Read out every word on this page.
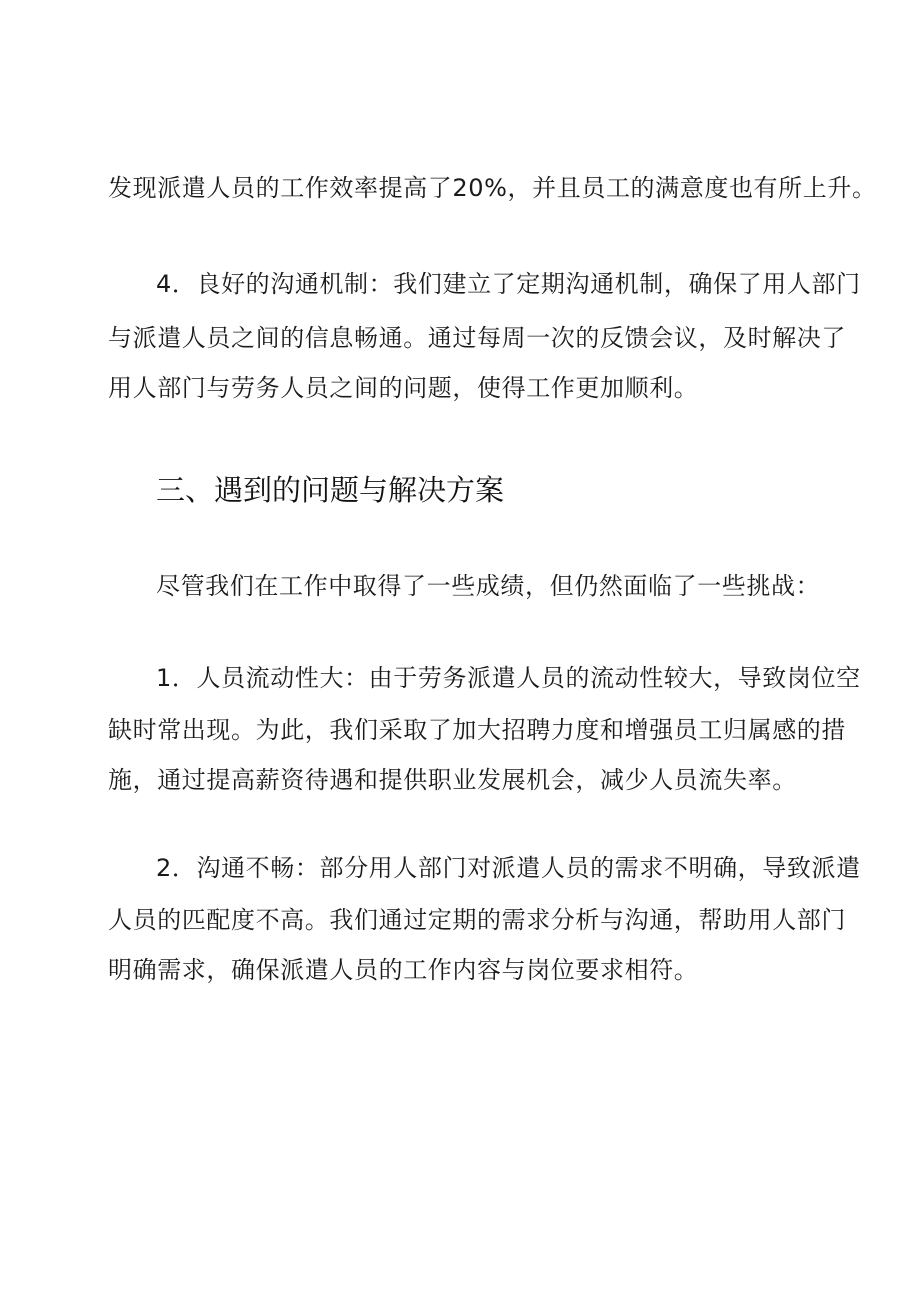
发现派遣人员的工作效率提高了20%，并且员工的满意度也有所上升。
4．良好的沟通机制：我们建立了定期沟通机制，确保了用人部门
与派遣人员之间的信息畅通。通过每周一次的反馈会议，及时解决了
用人部门与劳务人员之间的问题，使得工作更加顺利。
三、遇到的问题与解决方案
尽管我们在工作中取得了一些成绩，但仍然面临了一些挑战：
1．人员流动性大：由于劳务派遣人员的流动性较大，导致岗位空
缺时常出现。为此，我们采取了加大招聘力度和增强员工归属感的措
施，通过提高薪资待遇和提供职业发展机会，减少人员流失率。
2．沟通不畅：部分用人部门对派遣人员的需求不明确，导致派遣
人员的匹配度不高。我们通过定期的需求分析与沟通，帮助用人部门
明确需求，确保派遣人员的工作内容与岗位要求相符。
